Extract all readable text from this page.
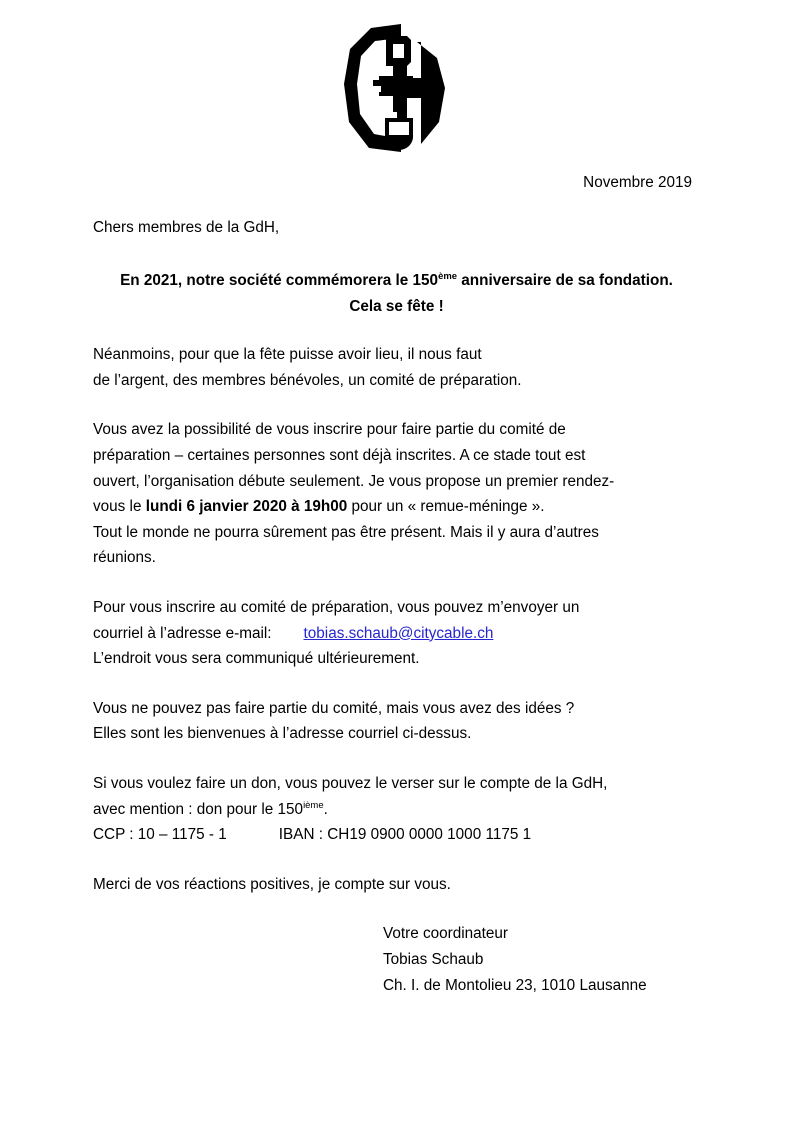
Novembre 2019
Chers membres de la GdH,
En 2021, notre société commémorera le 150ème anniversaire de sa fondation.
Cela se fête !

Néanmoins, pour que la fête puisse avoir lieu, il nous faut
de l’argent, des membres bénévoles, un comité de préparation.

Vous avez la possibilité de vous inscrire pour faire partie du comité de
préparation – certaines personnes sont déjà inscrites. A ce stade tout est
ouvert, l’organisation débute seulement. Je vous propose un premier rendez-
vous le lundi 6 janvier 2020 à 19h00 pour un « remue-méninge ».
Tout le monde ne pourra sûrement pas être présent. Mais il y aura d’autres
réunions.

Pour vous inscrire au comité de préparation, vous pouvez m’envoyer un
courriel à l’adresse e-mail: tobias.schaub@citycable.ch
L’endroit vous sera communiqué ultérieurement.

Vous ne pouvez pas faire partie du comité, mais vous avez des idées ?
Elles sont les bienvenues à l’adresse courriel ci-dessus.

Si vous voulez faire un don, vous pouvez le verser sur le compte de la GdH,
avec mention : don pour le 150ième.
CCP : 10 – 1175 - 1	IBAN : CH19 0900 0000 1000 1175 1

Merci de vos réactions positives, je compte sur vous.

Votre coordinateur
Tobias Schaub
Ch. I. de Montolieu 23, 1010 Lausanne
